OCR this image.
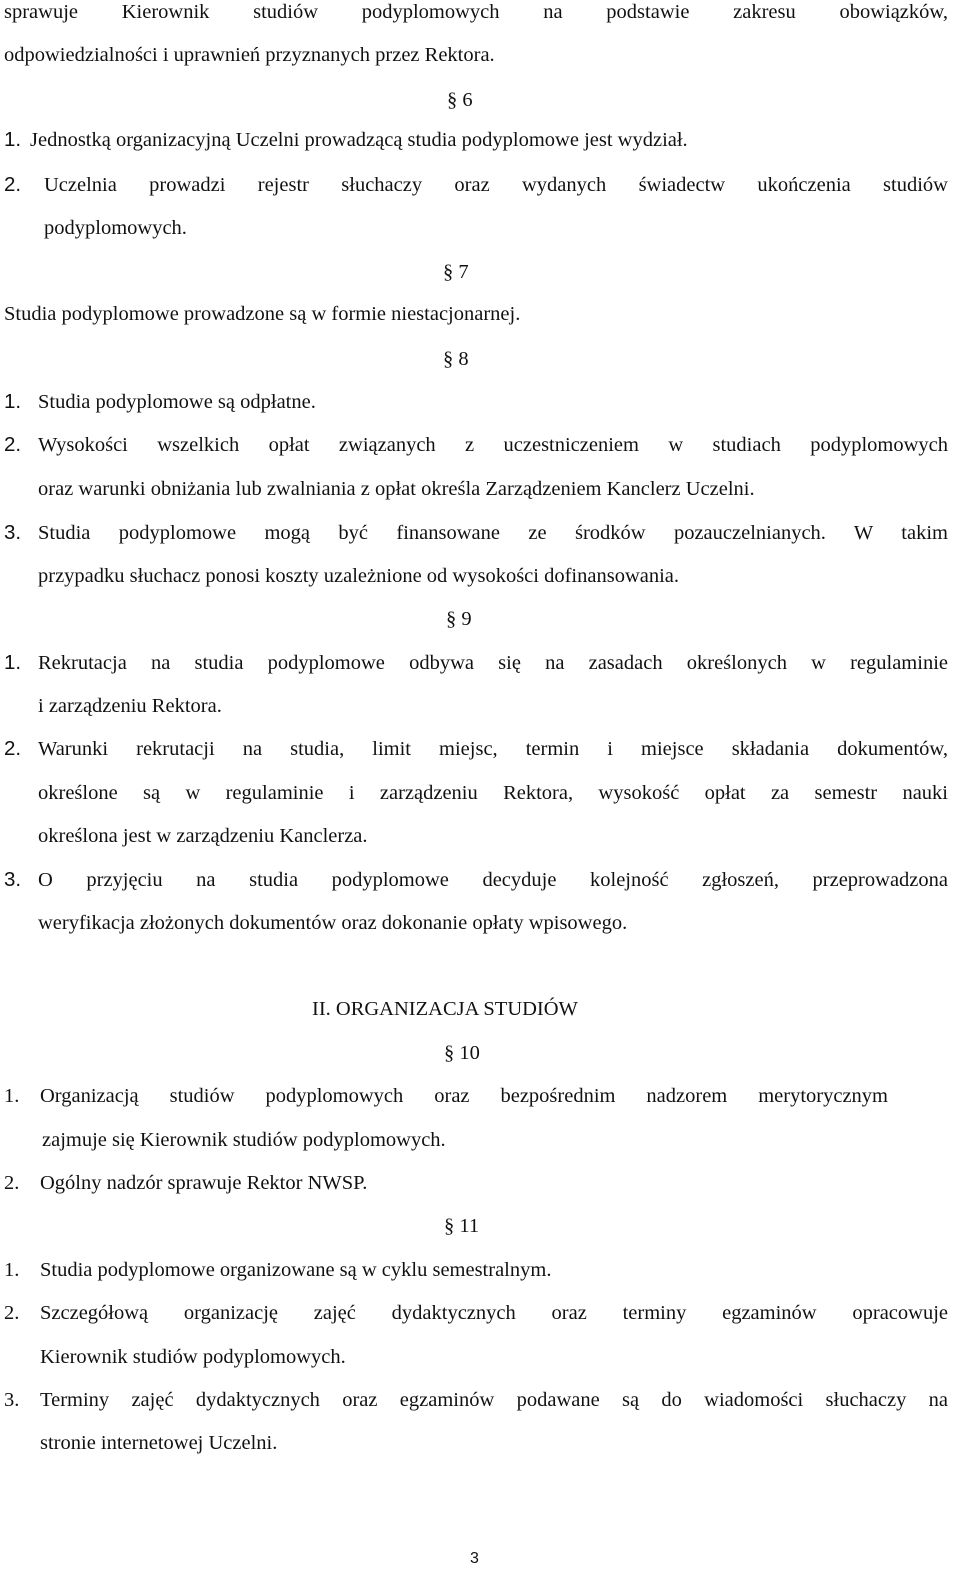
sprawuje Kierownik studiów podyplomowych na podstawie zakresu obowiązków,
odpowiedzialności i uprawnień przyznanych przez Rektora.
§ 6
1. Jednostką organizacyjną Uczelni prowadzącą studia podyplomowe jest wydział.
2. Uczelnia prowadzi rejestr słuchaczy oraz wydanych świadectw ukończenia studiów
podyplomowych.
§ 7
Studia podyplomowe prowadzone są w formie niestacjonarnej.
§ 8
1. Studia podyplomowe są odpłatne.
2. Wysokości wszelkich opłat związanych z uczestniczeniem w studiach podyplomowych
oraz warunki obniżania lub zwalniania z opłat określa Zarządzeniem Kanclerz Uczelni.
3. Studia podyplomowe mogą być finansowane ze środków pozauczelnianych. W takim
przypadku słuchacz ponosi koszty uzależnione od wysokości dofinansowania.
§ 9
1. Rekrutacja na studia podyplomowe odbywa się na zasadach określonych w regulaminie
i zarządzeniu Rektora.
2. Warunki rekrutacji na studia, limit miejsc, termin i miejsce składania dokumentów,
określone są w regulaminie i zarządzeniu Rektora, wysokość opłat za semestr nauki
określona jest w zarządzeniu Kanclerza.
3. O przyjęciu na studia podyplomowe decyduje kolejność zgłoszeń, przeprowadzona
weryfikacja złożonych dokumentów oraz dokonanie opłaty wpisowego.
II. ORGANIZACJA STUDIÓW
§ 10
1. Organizacją studiów podyplomowych oraz bezpośrednim nadzorem merytorycznym
zajmuje się Kierownik studiów podyplomowych.
2. Ogólny nadzór sprawuje Rektor NWSP.
§ 11
1. Studia podyplomowe organizowane są w cyklu semestralnym.
2. Szczegółową organizację zajęć dydaktycznych oraz terminy egzaminów opracowuje
Kierownik studiów podyplomowych.
3. Terminy zajęć dydaktycznych oraz egzaminów podawane są do wiadomości słuchaczy na
stronie internetowej Uczelni.
3
